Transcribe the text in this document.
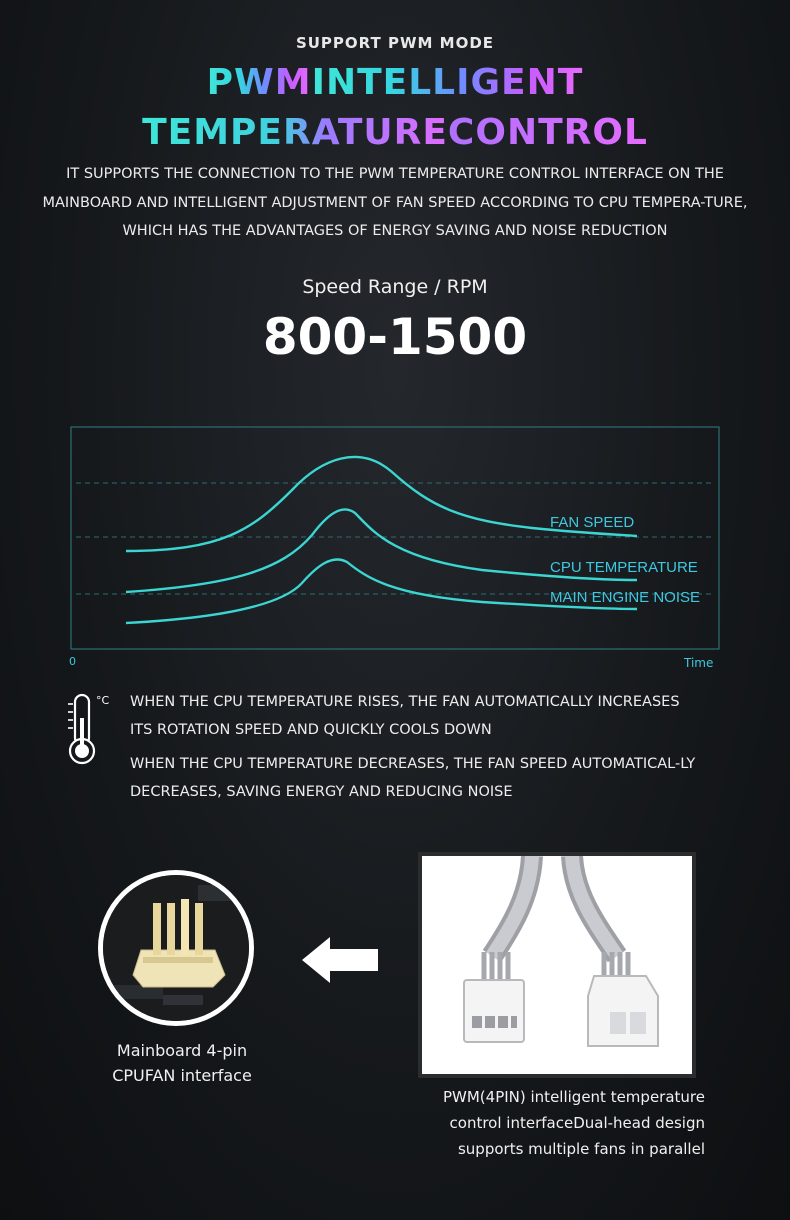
SUPPORT PWM MODE
PWMINTELLIGENT
TEMPERATURECONTROL
IT SUPPORTS THE CONNECTION TO THE PWM TEMPERATURE CONTROL INTERFACE ON THE MAINBOARD AND INTELLIGENT ADJUSTMENT OF FAN SPEED ACCORDING TO CPU TEMPERA-TURE, WHICH HAS THE ADVANTAGES OF ENERGY SAVING AND NOISE REDUCTION
Speed Range / RPM
800-1500
FAN SPEED
CPU TEMPERATURE
MAIN ENGINE NOISE
0	Time
°C WHEN THE CPU TEMPERATURE RISES, THE FAN AUTOMATICALLY INCREASES ITS ROTATION SPEED AND QUICKLY COOLS DOWN
WHEN THE CPU TEMPERATURE DECREASES, THE FAN SPEED AUTOMATICAL-LY DECREASES, SAVING ENERGY AND REDUCING NOISE
Mainboard 4-pin
CPUFAN interface
PWM(4PIN) intelligent temperature
control interfaceDual-head design
supports multiple fans in parallel
